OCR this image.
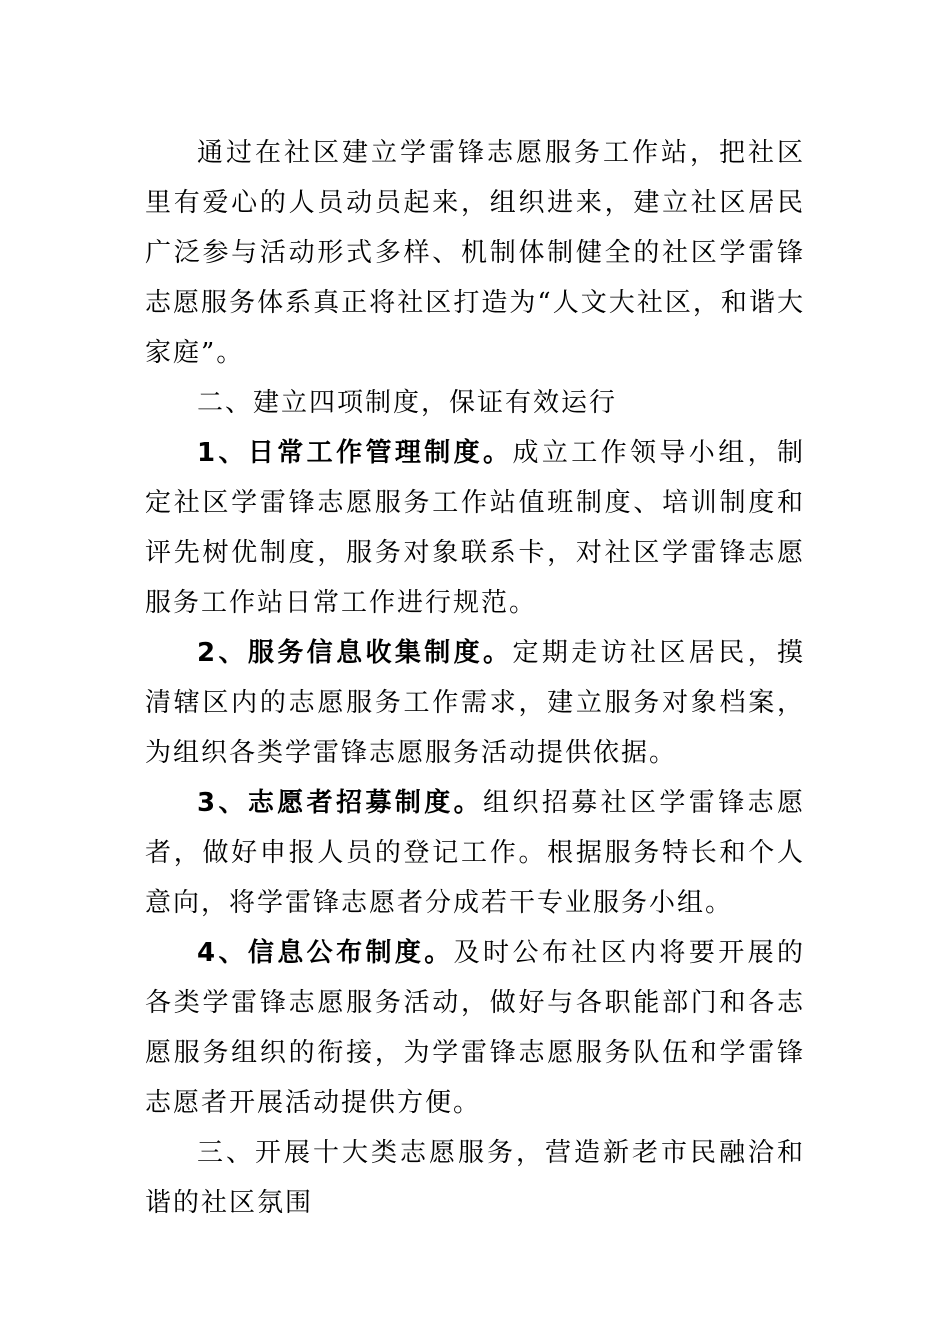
通过在社区建立学雷锋志愿服务工作站，把社区里有爱心的人员动员起来，组织进来，建立社区居民广泛参与活动形式多样、机制体制健全的社区学雷锋志愿服务体系真正将社区打造为“人文大社区，和谐大家庭”。

二、建立四项制度，保证有效运行

1、日常工作管理制度。成立工作领导小组，制定社区学雷锋志愿服务工作站值班制度、培训制度和评先树优制度，服务对象联系卡，对社区学雷锋志愿服务工作站日常工作进行规范。

2、服务信息收集制度。定期走访社区居民，摸清辖区内的志愿服务工作需求，建立服务对象档案，为组织各类学雷锋志愿服务活动提供依据。

3、志愿者招募制度。组织招募社区学雷锋志愿者，做好申报人员的登记工作。根据服务特长和个人意向，将学雷锋志愿者分成若干专业服务小组。

4、信息公布制度。及时公布社区内将要开展的各类学雷锋志愿服务活动，做好与各职能部门和各志愿服务组织的衔接，为学雷锋志愿服务队伍和学雷锋志愿者开展活动提供方便。

三、开展十大类志愿服务，营造新老市民融洽和谐的社区氛围
